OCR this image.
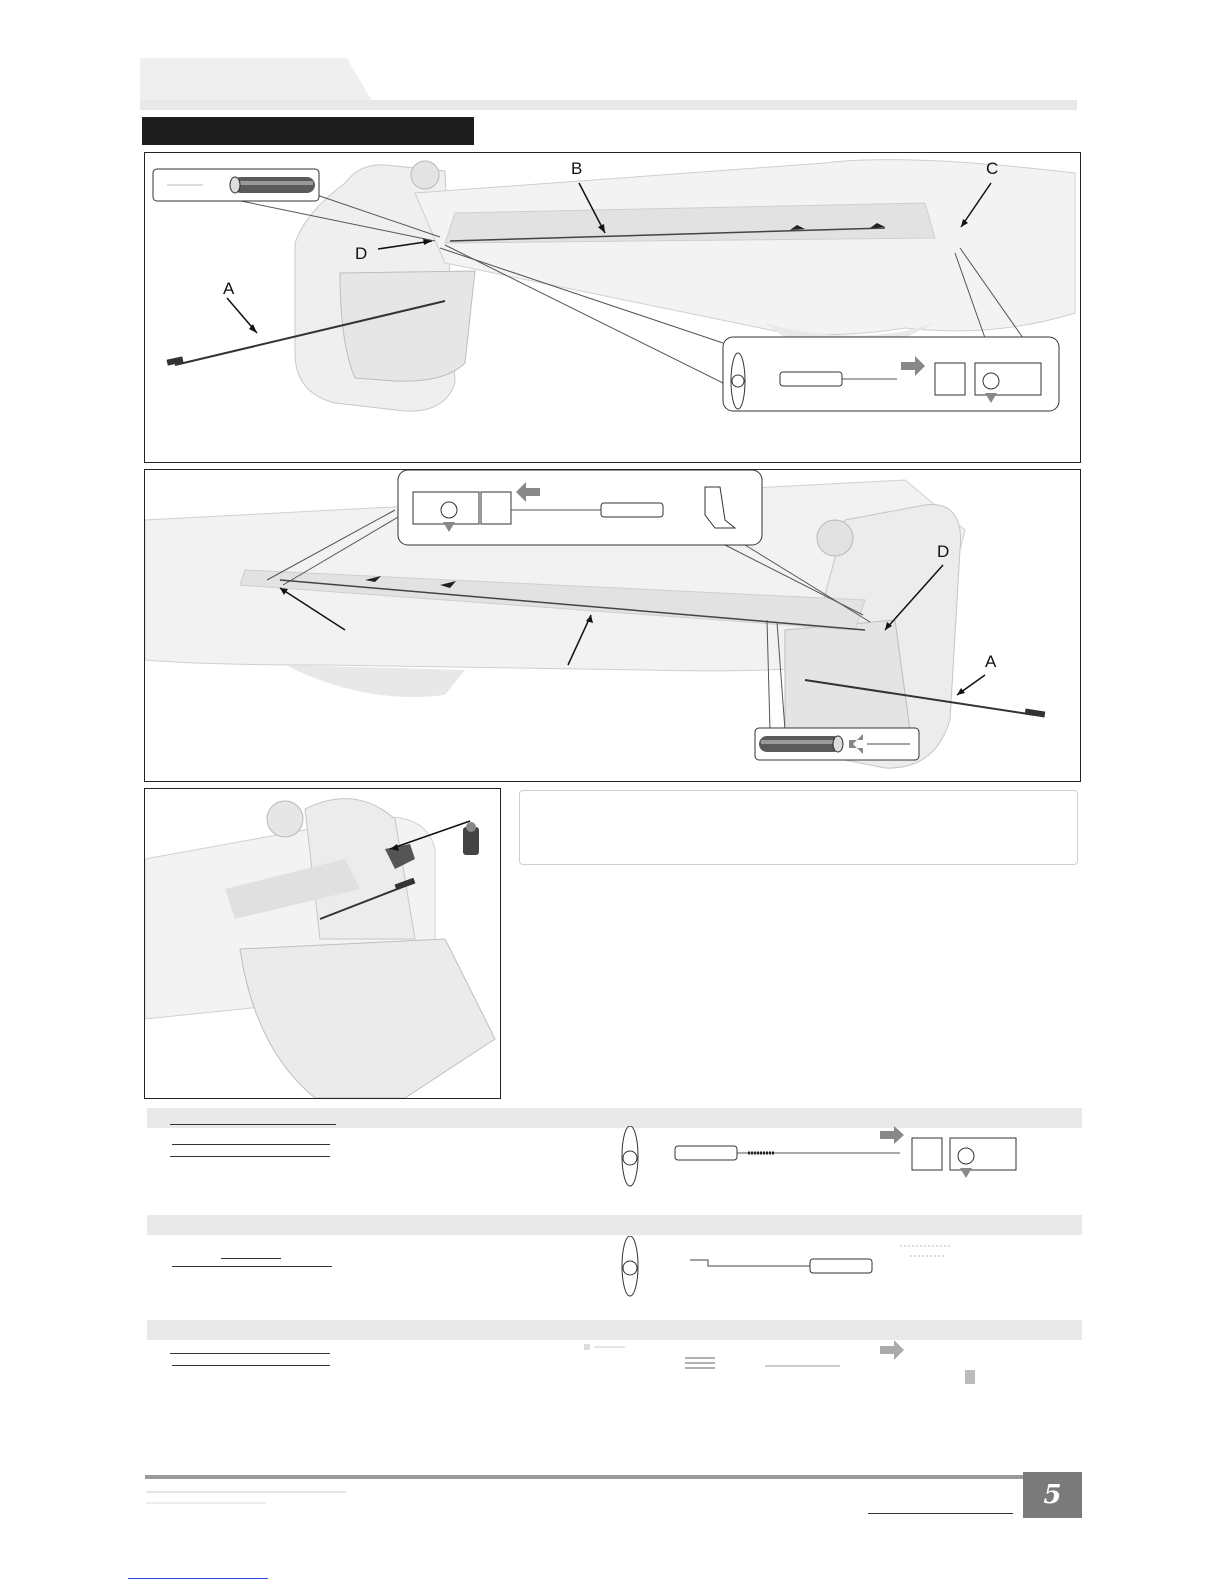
A
B	C
D
D
A
5
